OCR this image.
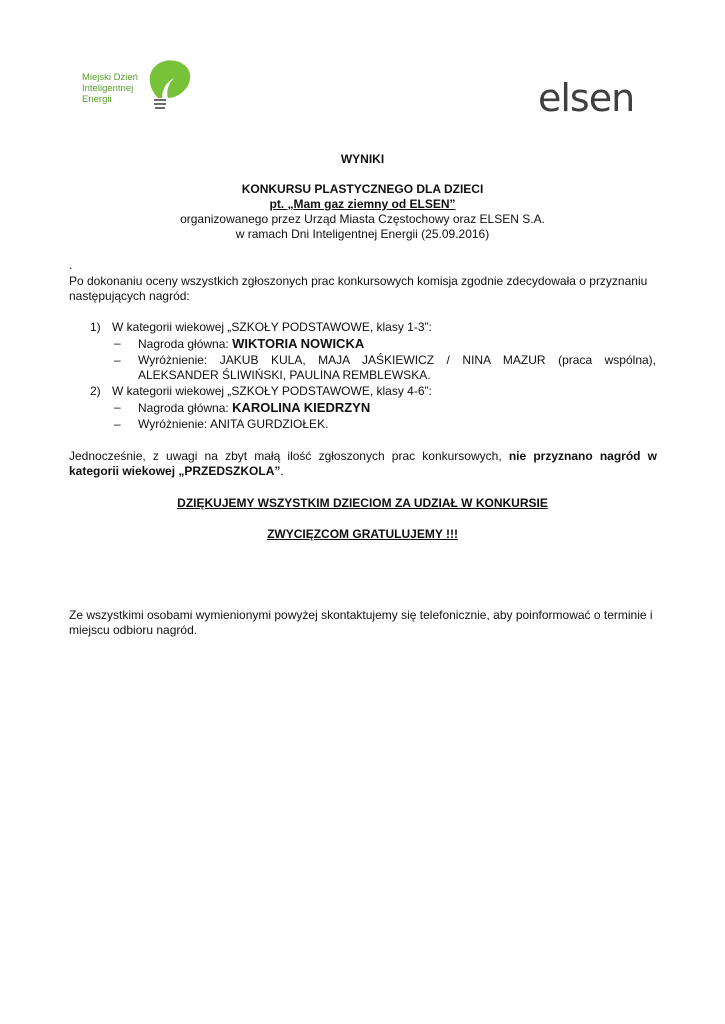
Miejski Dzień
Inteligentnej
Energii	elsen
WYNIKI
KONKURSU PLASTYCZNEGO DLA DZIECI
pt. „Mam gaz ziemny od ELSEN”
organizowanego przez Urząd Miasta Częstochowy oraz ELSEN S.A.
w ramach Dni Inteligentnej Energii (25.09.2016)
.
Po dokonaniu oceny wszystkich zgłoszonych prac konkursowych komisja zgodnie zdecydowała o przyznaniu następujących nagród:
1) W kategorii wiekowej „SZKOŁY PODSTAWOWE, klasy 1-3”:
– Nagroda główna: WIKTORIA NOWICKA
– Wyróżnienie: JAKUB KULA, MAJA JAŚKIEWICZ / NINA MAZUR (praca wspólna), ALEKSANDER ŚLIWIŃSKI, PAULINA REMBLEWSKA.
2) W kategorii wiekowej „SZKOŁY PODSTAWOWE, klasy 4-6”:
– Nagroda główna: KAROLINA KIEDRZYN
– Wyróżnienie: ANITA GURDZIOŁEK.
Jednocześnie, z uwagi na zbyt małą ilość zgłoszonych prac konkursowych, nie przyznano nagród w kategorii wiekowej „PRZEDSZKOLA”.
DZIĘKUJEMY WSZYSTKIM DZIECIOM ZA UDZIAŁ W KONKURSIE
ZWYCIĘZCOM GRATULUJEMY !!!
Ze wszystkimi osobami wymienionymi powyżej skontaktujemy się telefonicznie, aby poinformować o terminie i miejscu odbioru nagród.
